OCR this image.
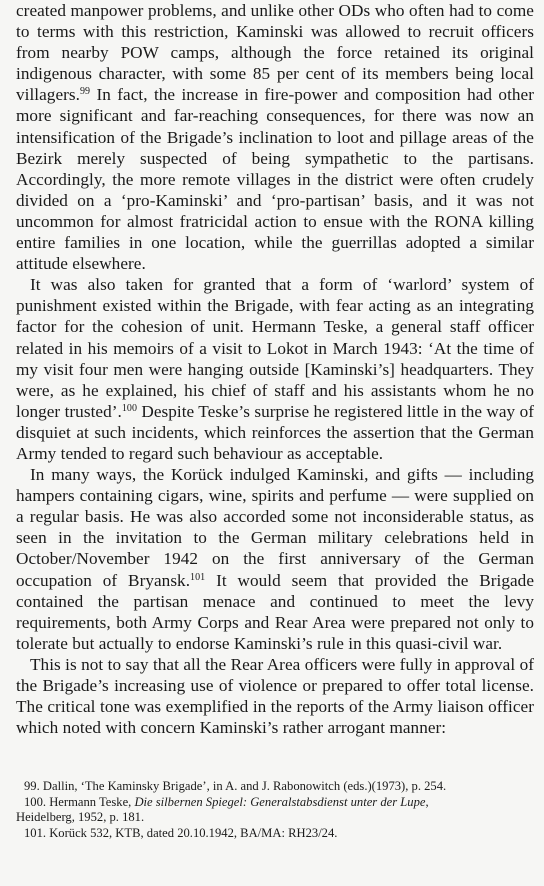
created manpower problems, and unlike other ODs who often had to come to terms with this restriction, Kaminski was allowed to recruit officers from nearby POW camps, although the force retained its original indigenous character, with some 85 per cent of its members being local villagers.$^{99}$ In fact, the increase in fire-power and composition had other more significant and far-reaching consequences, for there was now an intensification of the Brigade’s inclination to loot and pillage areas of the Bezirk merely suspected of being sympathetic to the partisans. Accordingly, the more remote villages in the district were often crudely divided on a ‘pro-Kaminski’ and ‘pro-partisan’ basis, and it was not uncommon for almost fratricidal action to ensue with the RONA killing entire families in one location, while the guerrillas adopted a similar attitude elsewhere.

It was also taken for granted that a form of ‘warlord’ system of punishment existed within the Brigade, with fear acting as an integrating factor for the cohesion of unit. Hermann Teske, a general staff officer related in his memoirs of a visit to Lokot in March 1943: ‘At the time of my visit four men were hanging outside [Kaminski’s] headquarters. They were, as he explained, his chief of staff and his assistants whom he no longer trusted’.$^{100}$ Despite Teske’s surprise he registered little in the way of disquiet at such incidents, which reinforces the assertion that the German Army tended to regard such behaviour as acceptable.

In many ways, the Korück indulged Kaminski, and gifts — including hampers containing cigars, wine, spirits and perfume — were supplied on a regular basis. He was also accorded some not inconsiderable status, as seen in the invitation to the German military celebrations held in October/November 1942 on the first anniversary of the German occupation of Bryansk.$^{101}$ It would seem that provided the Brigade contained the partisan menace and continued to meet the levy requirements, both Army Corps and Rear Area were prepared not only to tolerate but actually to endorse Kaminski’s rule in this quasi-civil war.

This is not to say that all the Rear Area officers were fully in approval of the Brigade’s increasing use of violence or prepared to offer total license. The critical tone was exemplified in the reports of the Army liaison officer which noted with concern Kaminski’s rather arrogant manner:

99. Dallin, ‘The Kaminsky Brigade’, in A. and J. Rabonowitch (eds.)(1973), p. 254.

100. Hermann Teske, Die silbernen Spiegel: Generalstabsdienst unter der Lupe,
Heidelberg, 1952, p. 181.

101. Korück 532, KTB, dated 20.10.1942, BA/MA: RH23/24.
